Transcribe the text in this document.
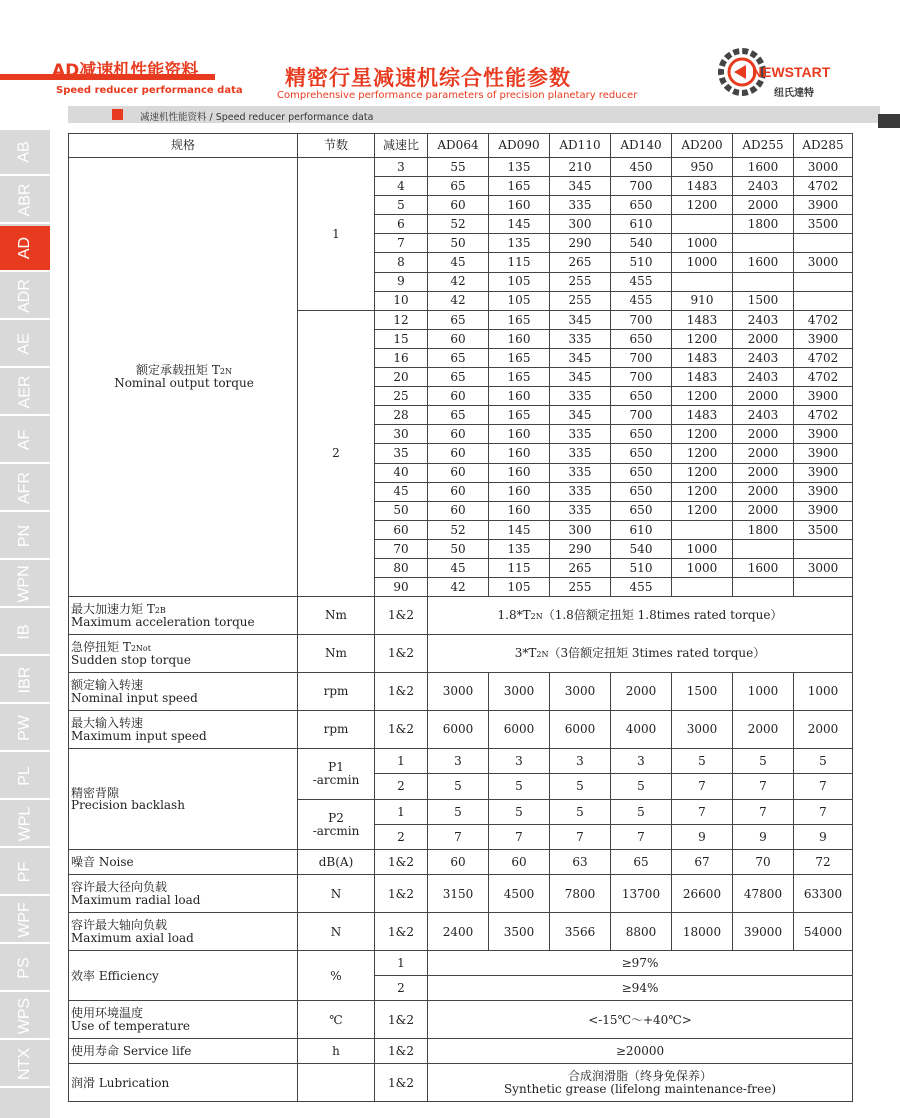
AD减速机性能资料
Speed reducer performance data
精密行星减速机综合性能参数
Comprehensive performance parameters of precision planetary reducer
NEWSTART
纽氏達特
减速机性能资料 / Speed reducer performance data
AB
ABR
AD
ADR
AE
AER
AF
AFR
PN
WPN
IB
IBR
PW
PL
WPL
PF
WPF
PS
WPS
NTX
规格	节数	减速比	AD064	AD090	AD110	AD140	AD200	AD255	AD285
额定承载扭矩 T2N
Nominal output torque	1	3	55	135	210	450	950	1600	3000
		4	65	165	345	700	1483	2403	4702
		5	60	160	335	650	1200	2000	3900
		6	52	145	300	610		1800	3500
		7	50	135	290	540	1000		
		8	45	115	265	510	1000	1600	3000
		9	42	105	255	455			
		10	42	105	255	455	910	1500	
	2	12	65	165	345	700	1483	2403	4702
		15	60	160	335	650	1200	2000	3900
		16	65	165	345	700	1483	2403	4702
		20	65	165	345	700	1483	2403	4702
		25	60	160	335	650	1200	2000	3900
		28	65	165	345	700	1483	2403	4702
		30	60	160	335	650	1200	2000	3900
		35	60	160	335	650	1200	2000	3900
		40	60	160	335	650	1200	2000	3900
		45	60	160	335	650	1200	2000	3900
		50	60	160	335	650	1200	2000	3900
		60	52	145	300	610		1800	3500
		70	50	135	290	540	1000		
		80	45	115	265	510	1000	1600	3000
		90	42	105	255	455			
最大加速力矩 T2B
Maximum acceleration torque	Nm	1&2	1.8*T2N（1.8倍额定扭矩 1.8times rated torque）						
急停扭矩 T2Not
Sudden stop torque	Nm	1&2	3*T2N（3倍额定扭矩 3times rated torque）						
额定输入转速
Nominal input speed	rpm	1&2	3000	3000	3000	2000	1500	1000	1000
最大输入转速
Maximum input speed	rpm	1&2	6000	6000	6000	4000	3000	2000	2000
精密背隙
Precision backlash	P1
-arcmin	1	3	3	3	3	5	5	5
		2	5	5	5	5	7	7	7
	P2
-arcmin	1	5	5	5	5	7	7	7
		2	7	7	7	7	9	9	9
噪音 Noise	dB(A)	1&2	60	60	63	65	67	70	72
容许最大径向负载
Maximum radial load	N	1&2	3150	4500	7800	13700	26600	47800	63300
容许最大轴向负载
Maximum axial load	N	1&2	2400	3500	3566	8800	18000	39000	54000
效率 Efficiency	%	1	≥97%						
		2	≥94%						
使用环境温度
Use of temperature	℃	1&2	<-15℃～+40℃>						
使用寿命 Service life	h	1&2	≥20000						
润滑 Lubrication		1&2	合成润滑脂（终身免保养）
Synthetic grease (lifelong maintenance-free)						
